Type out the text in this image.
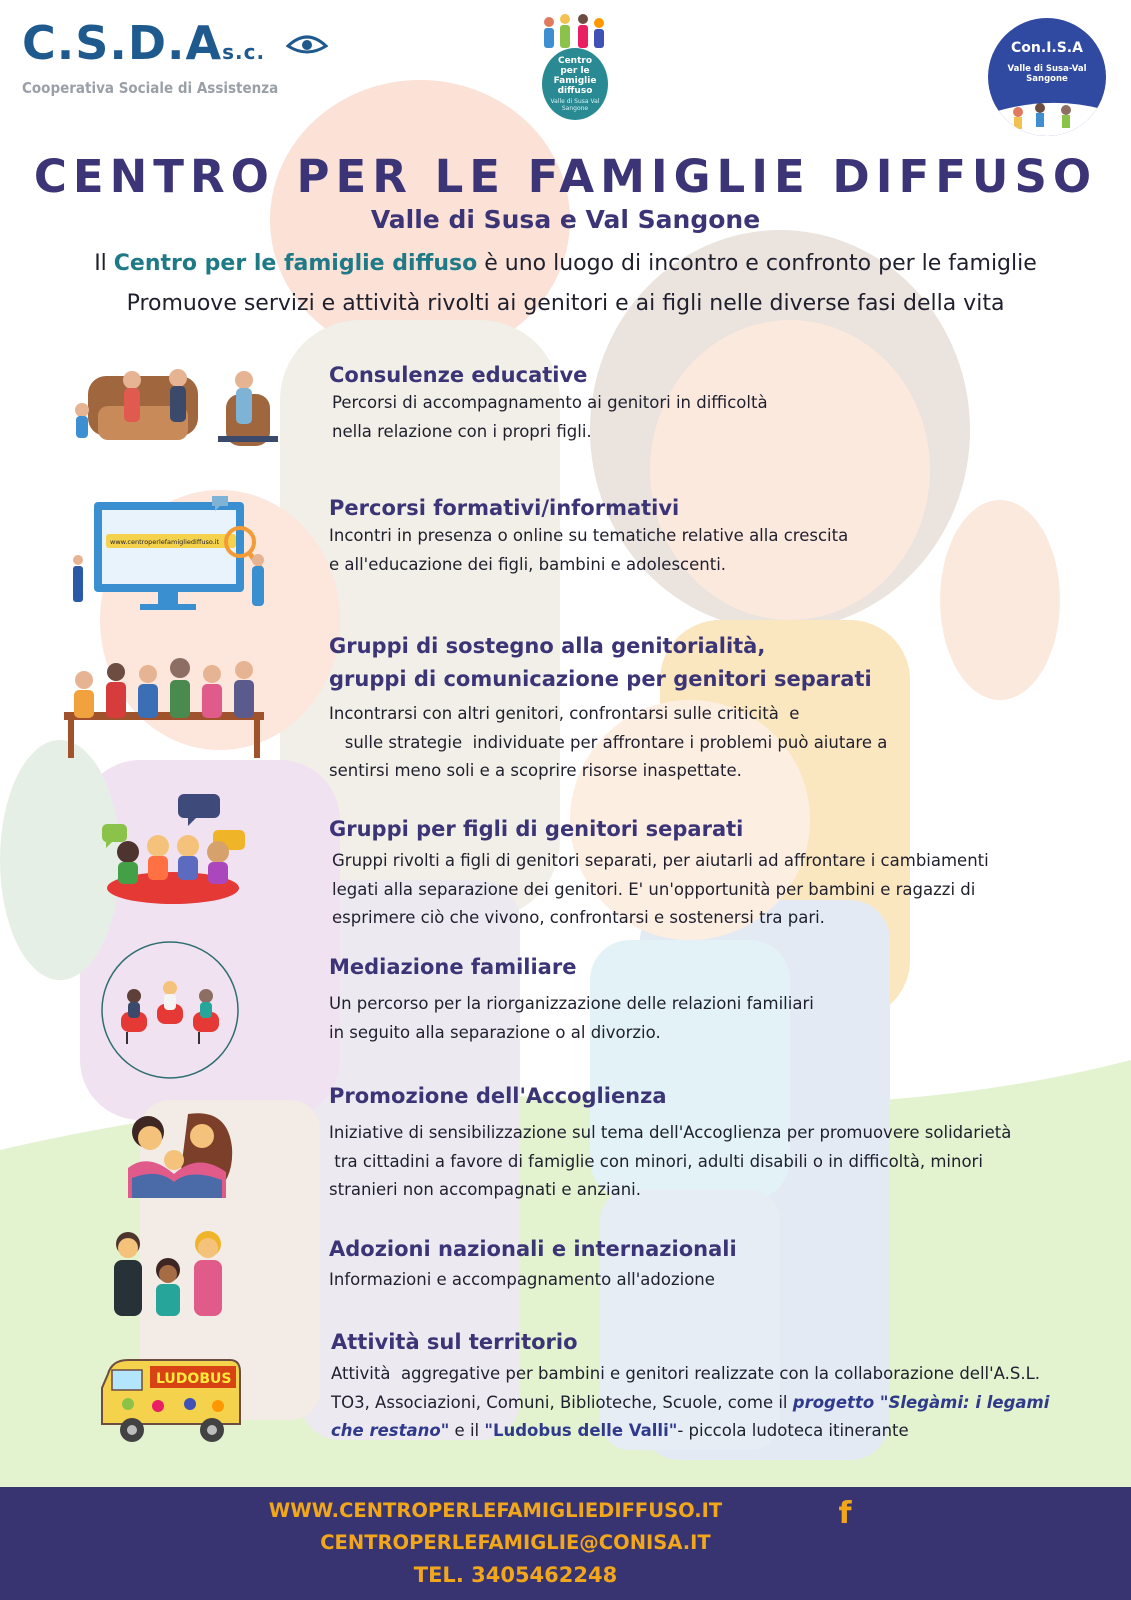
C.S.D.As.c.
Cooperativa Sociale di Assistenza
Centro
per le
Famiglie
diffuso
Valle di Susa Val Sangone
Con.I.S.A
Valle di Susa-Val Sangone
CENTRO PER LE FAMIGLIE DIFFUSO
Valle di Susa e Val Sangone
Il Centro per le famiglie diffuso è uno luogo di incontro e confronto per le famiglie
Promuove servizi e attività rivolti ai genitori e ai figli nelle diverse fasi della vita
Consulenze educative
Percorsi di accompagnamento ai genitori in difficoltà
nella relazione con i propri figli.
www.centroperlefamigliediffuso.it
Percorsi formativi/informativi
Incontri in presenza o online su tematiche relative alla crescita
e all'educazione dei figli, bambini e adolescenti.
Gruppi di sostegno alla genitorialità,
gruppi di comunicazione per genitori separati
Incontrarsi con altri genitori, confrontarsi sulle criticità  e
sulle strategie  individuate per affrontare i problemi può aiutare a
sentirsi meno soli e a scoprire risorse inaspettate.
Gruppi per figli di genitori separati
Gruppi rivolti a figli di genitori separati, per aiutarli ad affrontare i cambiamenti
legati alla separazione dei genitori. E' un'opportunità per bambini e ragazzi di
esprimere ciò che vivono, confrontarsi e sostenersi tra pari.
Mediazione familiare
Un percorso per la riorganizzazione delle relazioni familiari
in seguito alla separazione o al divorzio.
Promozione dell'Accoglienza
Iniziative di sensibilizzazione sul tema dell'Accoglienza per promuovere solidarietà
tra cittadini a favore di famiglie con minori, adulti disabili o in difficoltà, minori
stranieri non accompagnati e anziani.
Adozioni nazionali e internazionali
Informazioni e accompagnamento all'adozione
LUDOBUS
Attività sul territorio
Attività  aggregative per bambini e genitori realizzate con la collaborazione dell'A.S.L.
TO3, Associazioni, Comuni, Biblioteche, Scuole, come il progetto "Slegàmi: i legami
che restano" e il "Ludobus delle Valli"- piccola ludoteca itinerante
WWW.CENTROPERLEFAMIGLIEDIFFUSO.IT	f
CENTROPERLEFAMIGLIE@CONISA.IT
TEL. 3405462248
